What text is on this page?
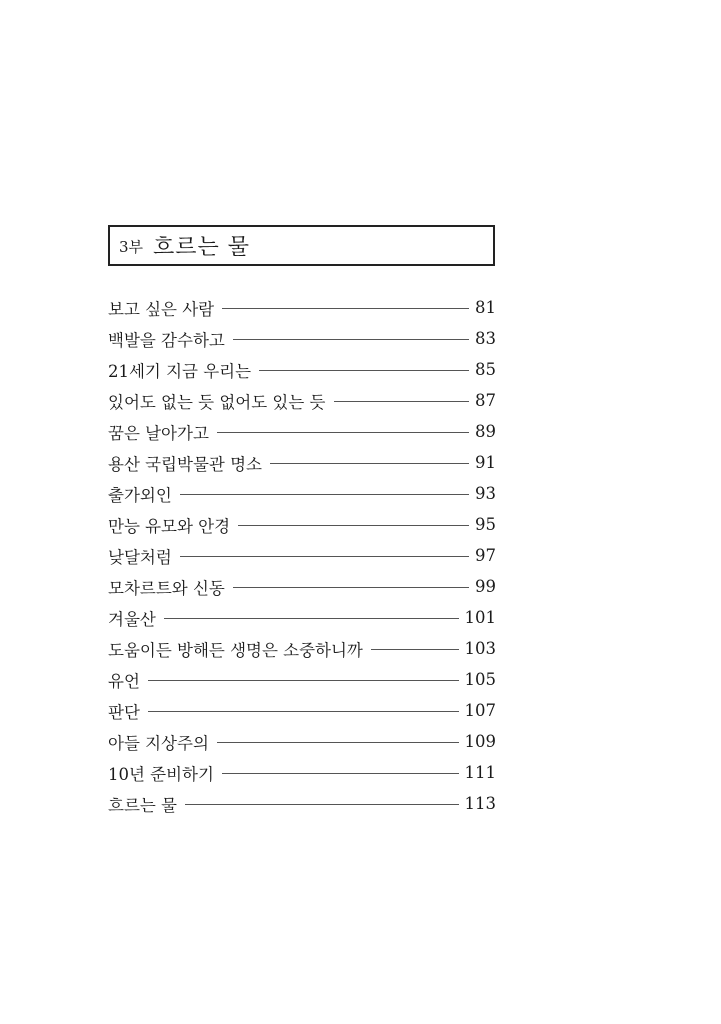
3부 흐르는 물
보고 싶은 사람	81
백발을 감수하고	83
21세기 지금 우리는	85
있어도 없는 듯 없어도 있는 듯	87
꿈은 날아가고	89
용산 국립박물관 명소	91
출가외인	93
만능 유모와 안경	95
낮달처럼	97
모차르트와 신동	99
겨울산	101
도움이든 방해든 생명은 소중하니까	103
유언	105
판단	107
아들 지상주의	109
10년 준비하기	111
흐르는 물	113
